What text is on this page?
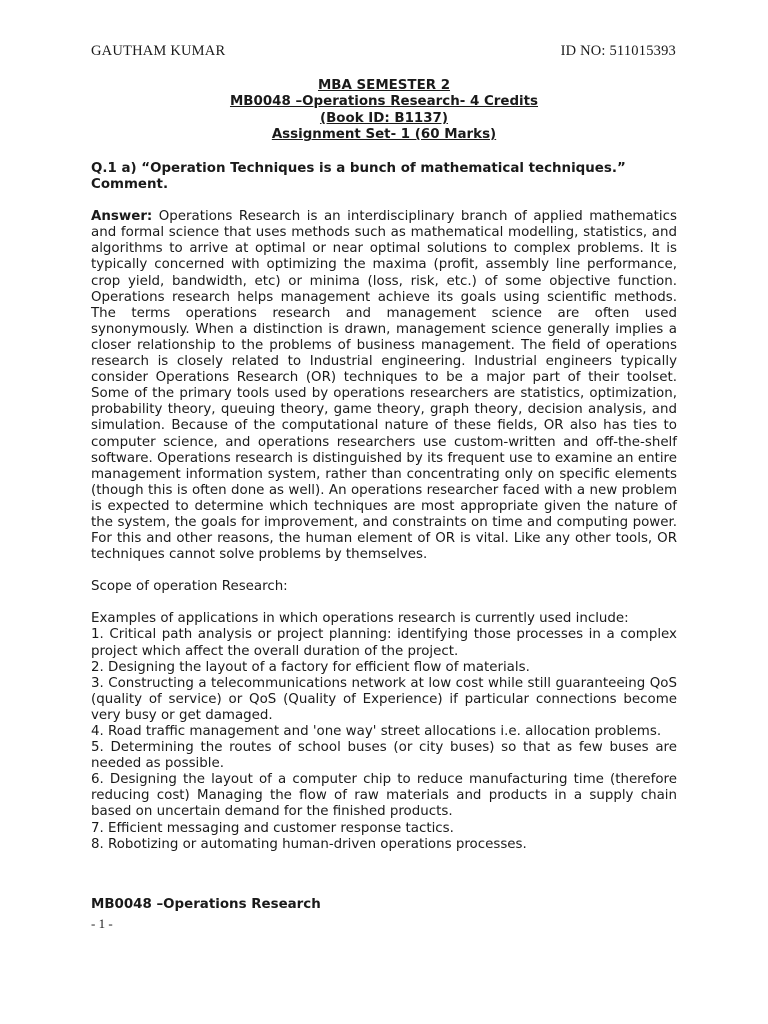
GAUTHAM KUMAR	ID NO: 511015393
MBA SEMESTER 2
MB0048 –Operations Research- 4 Credits
(Book ID: B1137)
Assignment Set- 1 (60 Marks)

Q.1 a) “Operation Techniques is a bunch of mathematical techniques.” Comment.

Answer: Operations Research is an interdisciplinary branch of applied mathematics and formal science that uses methods such as mathematical modelling, statistics, and algorithms to arrive at optimal or near optimal solutions to complex problems. It is typically concerned with optimizing the maxima (profit, assembly line performance, crop yield, bandwidth, etc) or minima (loss, risk, etc.) of some objective function. Operations research helps management achieve its goals using scientific methods. The terms operations research and management science are often used synonymously. When a distinction is drawn, management science generally implies a closer relationship to the problems of business management. The field of operations research is closely related to Industrial engineering. Industrial engineers typically consider Operations Research (OR) techniques to be a major part of their toolset. Some of the primary tools used by operations researchers are statistics, optimization, probability theory, queuing theory, game theory, graph theory, decision analysis, and simulation. Because of the computational nature of these fields, OR also has ties to computer science, and operations researchers use custom-written and off-the-shelf software. Operations research is distinguished by its frequent use to examine an entire management information system, rather than concentrating only on specific elements (though this is often done as well). An operations researcher faced with a new problem is expected to determine which techniques are most appropriate given the nature of the system, the goals for improvement, and constraints on time and computing power. For this and other reasons, the human element of OR is vital. Like any other tools, OR techniques cannot solve problems by themselves.

Scope of operation Research:

Examples of applications in which operations research is currently used include:

1. Critical path analysis or project planning: identifying those processes in a complex project which affect the overall duration of the project.
2. Designing the layout of a factory for efficient flow of materials.
3. Constructing a telecommunications network at low cost while still guaranteeing QoS (quality of service) or QoS (Quality of Experience) if particular connections become very busy or get damaged.
4. Road traffic management and 'one way' street allocations i.e. allocation problems.
5. Determining the routes of school buses (or city buses) so that as few buses are needed as possible.
6. Designing the layout of a computer chip to reduce manufacturing time (therefore reducing cost) Managing the flow of raw materials and products in a supply chain based on uncertain demand for the finished products.
7. Efficient messaging and customer response tactics.
8. Robotizing or automating human-driven operations processes.
MB0048 –Operations Research
- 1 -
